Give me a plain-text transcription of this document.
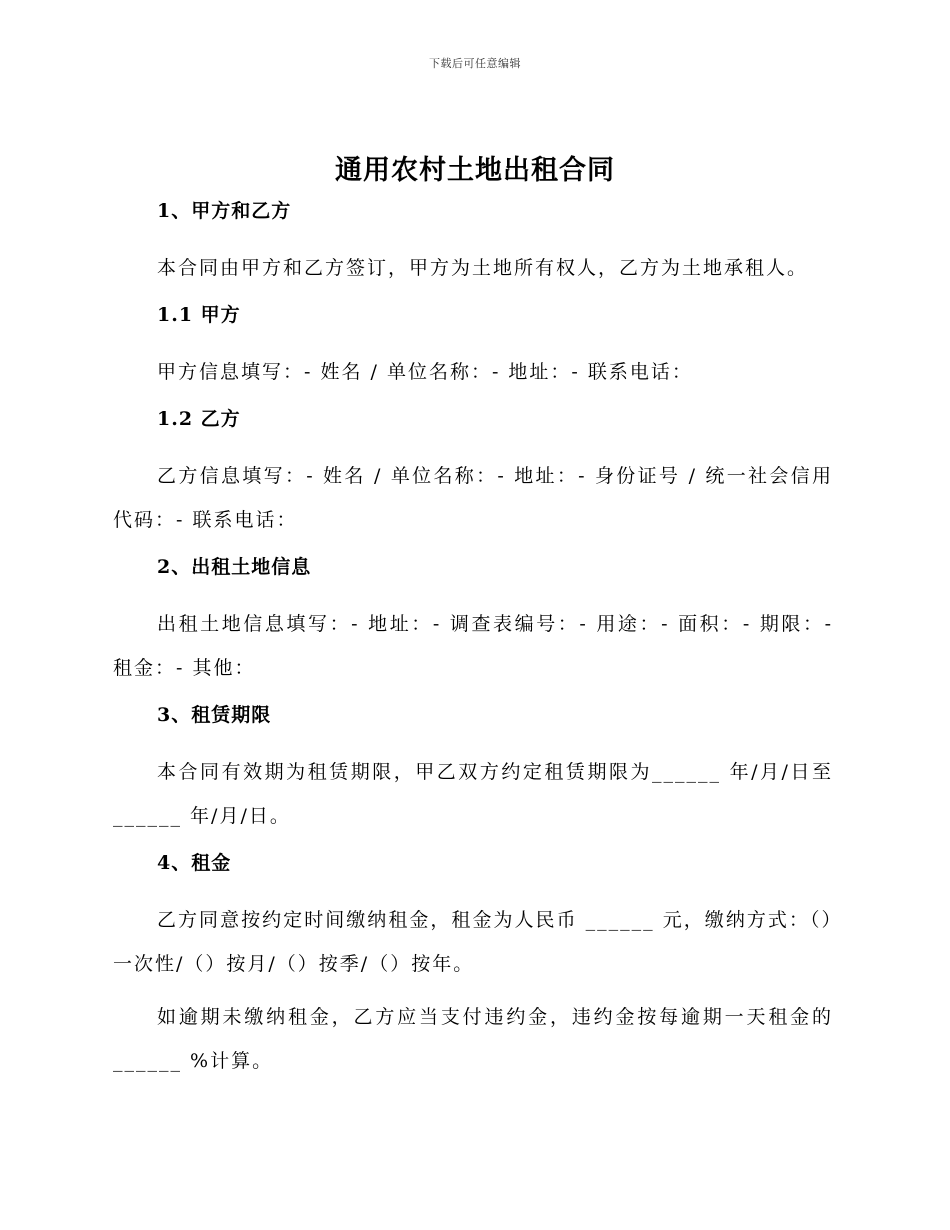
下载后可任意编辑
通用农村土地出租合同

1、甲方和乙方

本合同由甲方和乙方签订，甲方为土地所有权人，乙方为土地承租人。

1.1 甲方

甲方信息填写：- 姓名 / 单位名称：- 地址：- 联系电话：

1.2 乙方

乙方信息填写：- 姓名 / 单位名称：- 地址：- 身份证号 / 统一社会信用代码：- 联系电话：

2、出租土地信息

出租土地信息填写：- 地址：- 调查表编号：- 用途：- 面积：- 期限：- 租金：- 其他：

3、租赁期限

本合同有效期为租赁期限，甲乙双方约定租赁期限为______ 年/月/日至 ______ 年/月/日。

4、租金

乙方同意按约定时间缴纳租金，租金为人民币 ______ 元，缴纳方式：（）一次性/（）按月/（）按季/（）按年。

如逾期未缴纳租金，乙方应当支付违约金，违约金按每逾期一天租金的 ______ %计算。
